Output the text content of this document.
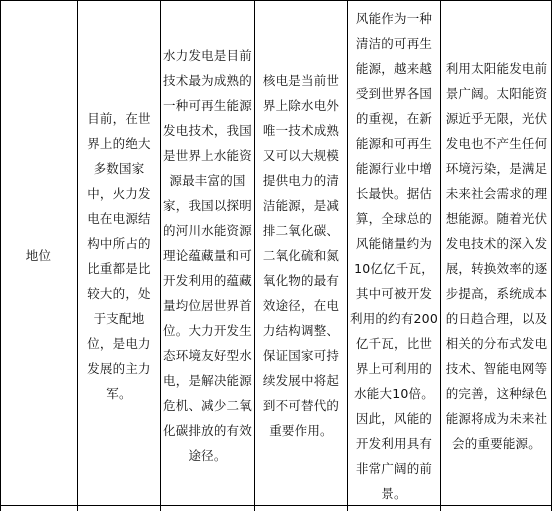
地位

目前，在世界上的绝大多数国家中，火力发电在电源结构中所占的比重都是比较大的，处于支配地位，是电力发展的主力军。

水力发电是目前技术最为成熟的一种可再生能源发电技术，我国是世界上水能资源最丰富的国家，我国以探明的河川水能资源理论蕴藏量和可开发利用的蕴藏量均位居世界首位。大力开发生态环境友好型水电，是解决能源危机、减少二氧化碳排放的有效途径。

核电是当前世界上除水电外唯一技术成熟又可以大规模提供电力的清洁能源，是减排二氧化碳、二氧化硫和氮氧化物的最有效途径，在电力结构调整、保证国家可持续发展中将起到不可替代的重要作用。

风能作为一种清洁的可再生能源，越来越受到世界各国的重视，在新能源和可再生能源行业中增长最快。据估算，全球总的风能储量约为10亿亿千瓦，其中可被开发利用的约有200亿千瓦，比世界上可利用的水能大10倍。因此，风能的开发利用具有非常广阔的前景。

利用太阳能发电前景广阔。太阳能资源近乎无限，光伏发电也不产生任何环境污染，是满足未来社会需求的理想能源。随着光伏发电技术的深入发展，转换效率的逐步提高，系统成本的日趋合理，以及相关的分布式发电技术、智能电网等的完善，这种绿色能源将成为未来社会的重要能源。
